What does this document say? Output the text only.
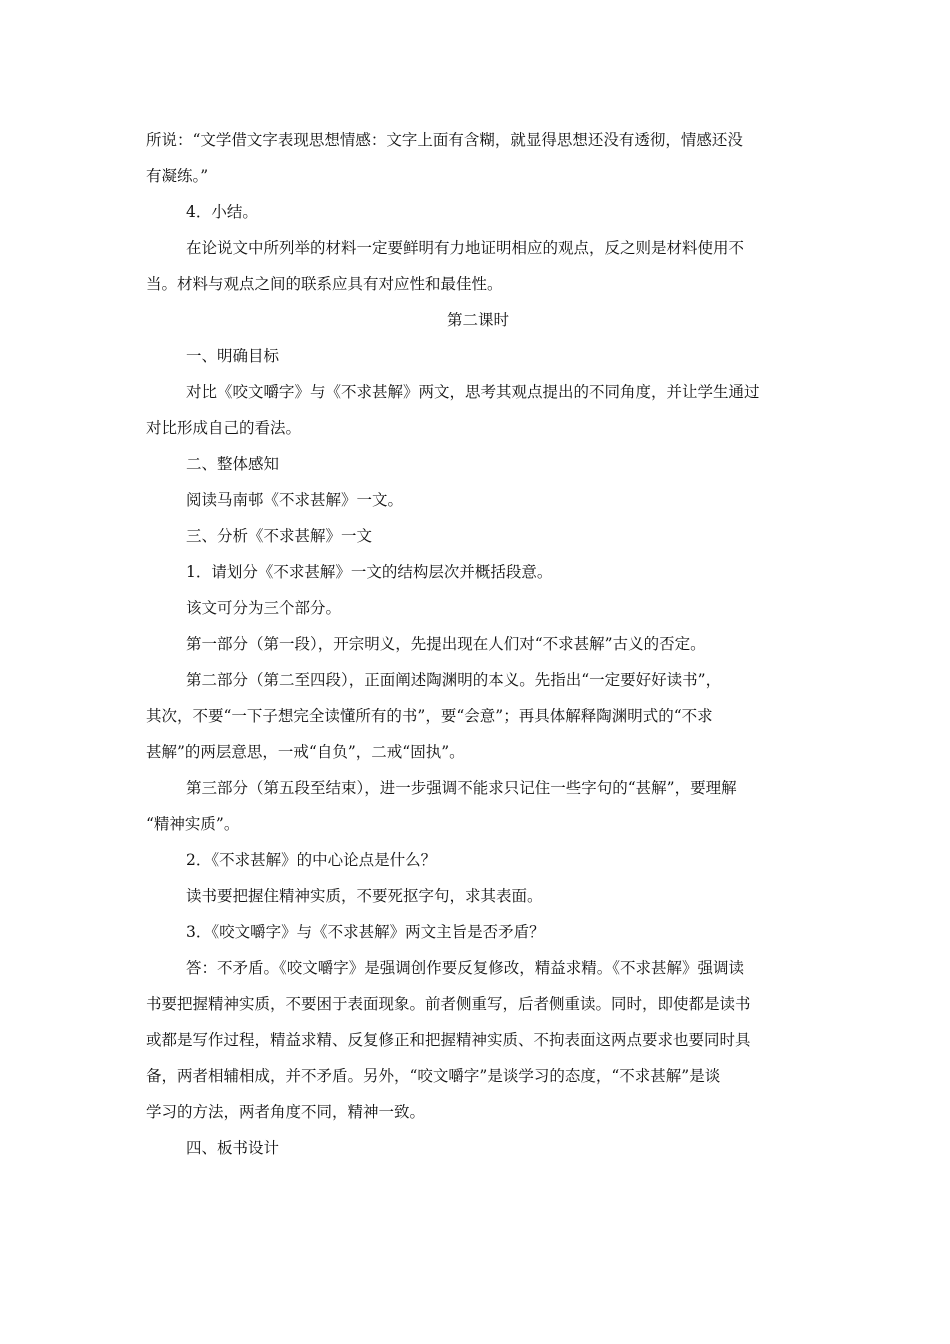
所说：“文学借文字表现思想情感：文字上面有含糊，就显得思想还没有透彻，情感还没
有凝练。”
4．小结。
在论说文中所列举的材料一定要鲜明有力地证明相应的观点，反之则是材料使用不
当。材料与观点之间的联系应具有对应性和最佳性。
第二课时
一、明确目标
对比《咬文嚼字》与《不求甚解》两文，思考其观点提出的不同角度，并让学生通过
对比形成自己的看法。
二、整体感知
阅读马南邨《不求甚解》一文。
三、分析《不求甚解》一文
1．请划分《不求甚解》一文的结构层次并概括段意。
该文可分为三个部分。
第一部分（第一段），开宗明义，先提出现在人们对“不求甚解”古义的否定。
第二部分（第二至四段），正面阐述陶渊明的本义。先指出“一定要好好读书”，
其次，不要“一下子想完全读懂所有的书”，要“会意”；再具体解释陶渊明式的“不求
甚解”的两层意思，一戒“自负”，二戒“固执”。
第三部分（第五段至结束），进一步强调不能求只记住一些字句的“甚解”，要理解
“精神实质”。
2．《不求甚解》的中心论点是什么？
读书要把握住精神实质，不要死抠字句，求其表面。
3．《咬文嚼字》与《不求甚解》两文主旨是否矛盾？
答：不矛盾。《咬文嚼字》是强调创作要反复修改，精益求精。《不求甚解》强调读
书要把握精神实质，不要困于表面现象。前者侧重写，后者侧重读。同时，即使都是读书
或都是写作过程，精益求精、反复修正和把握精神实质、不拘表面这两点要求也要同时具
备，两者相辅相成，并不矛盾。另外，“咬文嚼字”是谈学习的态度，“不求甚解”是谈
学习的方法，两者角度不同，精神一致。
四、板书设计
